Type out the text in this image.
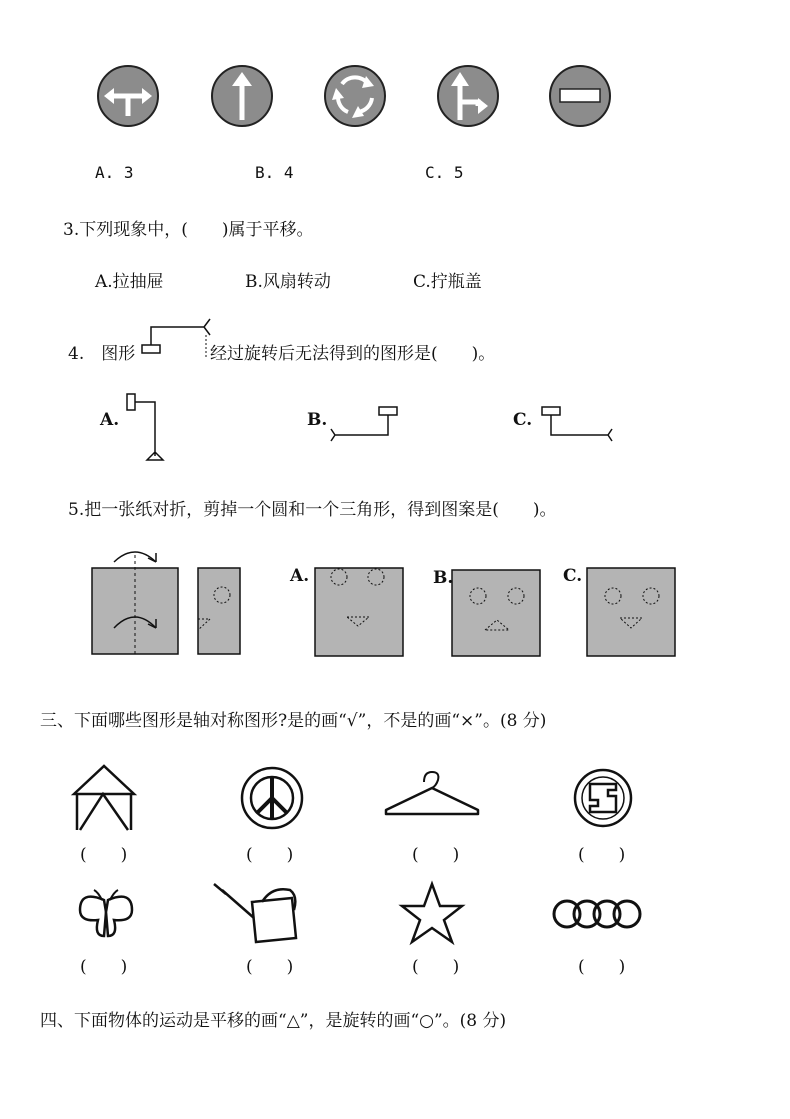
A. 3	B. 4	C. 5
3.下列现象中，(　　)属于平移。
A.拉抽屉	B.风扇转动	C.拧瓶盖
4.　图形	经过旋转后无法得到的图形是(　　)。
A.	B.	C.
5.把一张纸对折，剪掉一个圆和一个三角形，得到图案是(　　)。
A.	B.	C.
三、下面哪些图形是轴对称图形?是的画“√”，不是的画“×”。(8 分)
(　　)	(　　)	(　　)	(　　)
(　　)	(　　)	(　　)	(　　)
四、下面物体的运动是平移的画“△”，是旋转的画“○”。(8 分)
